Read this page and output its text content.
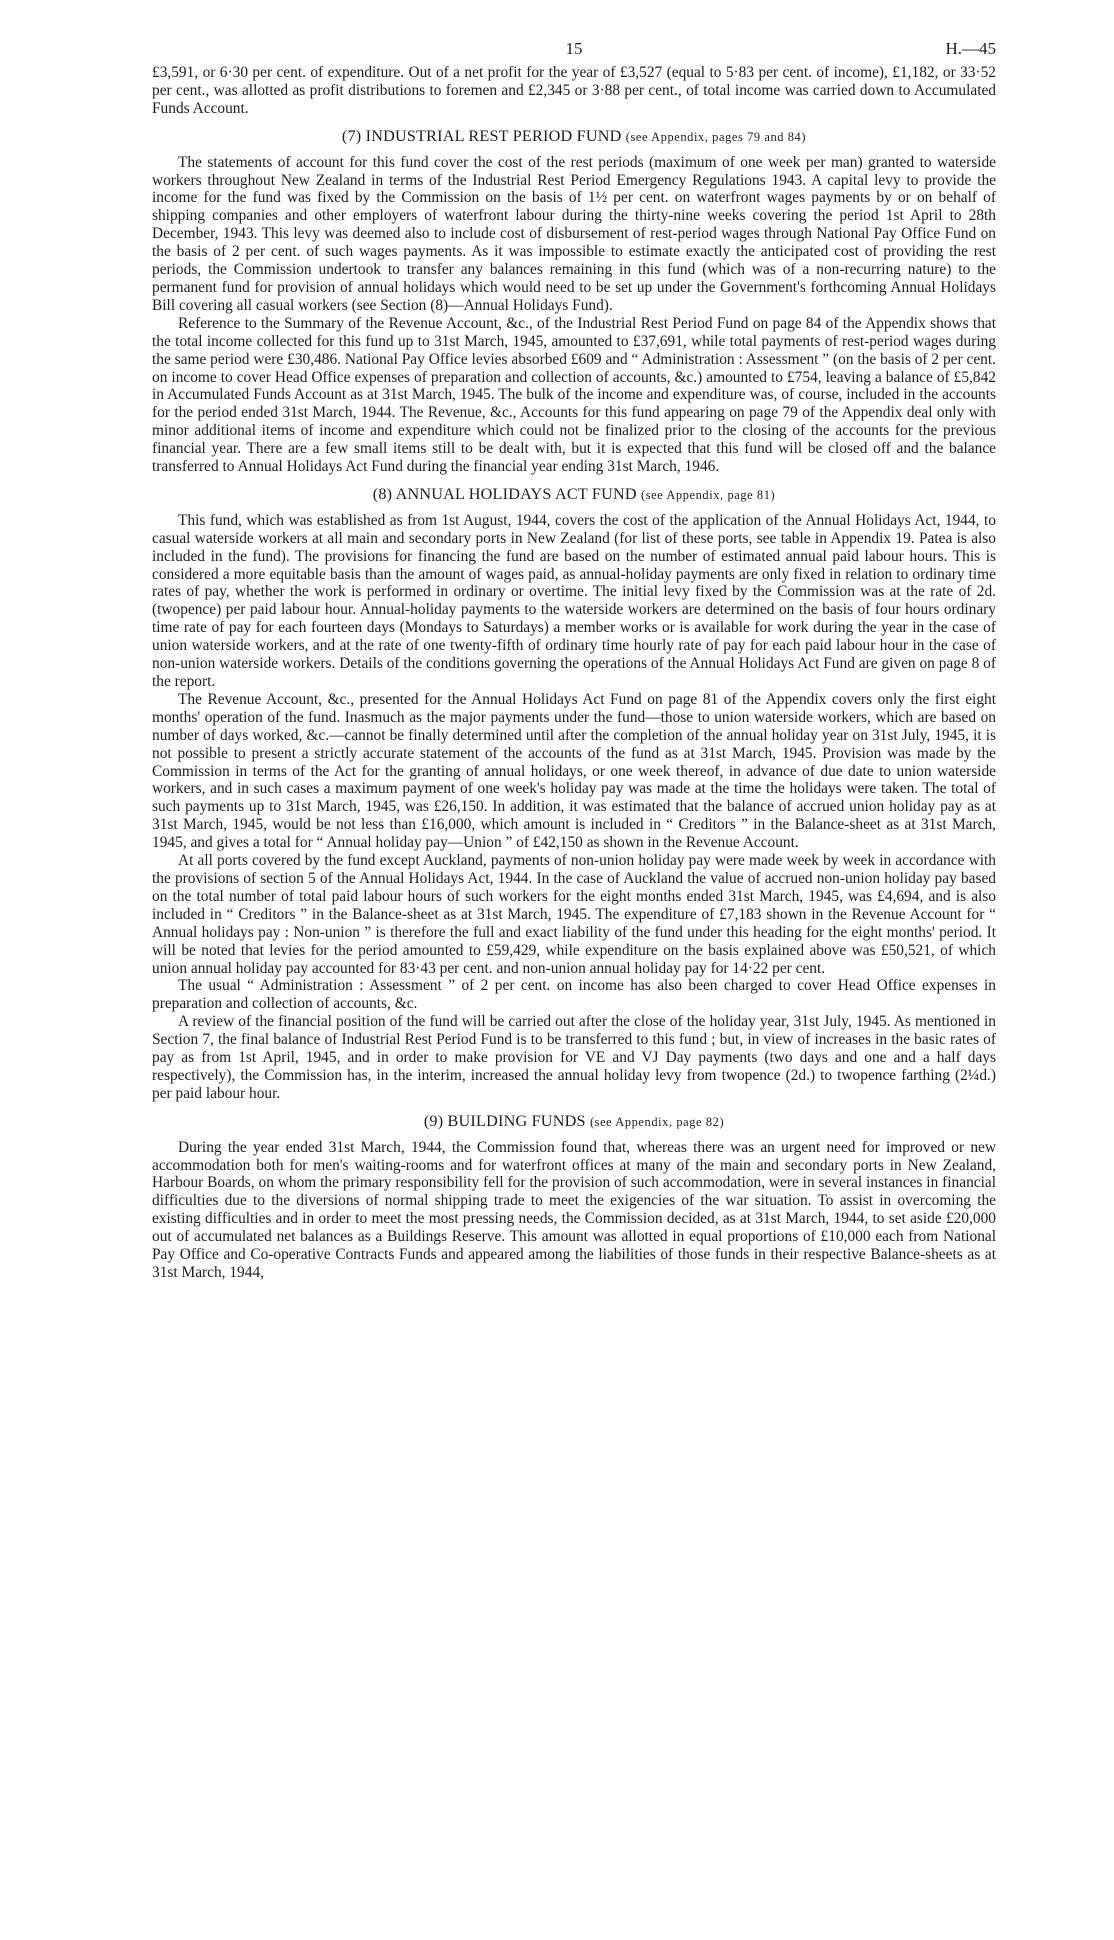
15	H.—45

£3,591, or 6·30 per cent. of expenditure. Out of a net profit for the year of £3,527 (equal to 5·83 per cent. of income), £1,182, or 33·52 per cent., was allotted as profit distributions to foremen and £2,345 or 3·88 per cent., of total income was carried down to Accumulated Funds Account.

(7) INDUSTRIAL REST PERIOD FUND (see Appendix, pages 79 and 84)

The statements of account for this fund cover the cost of the rest periods (maximum of one week per man) granted to waterside workers throughout New Zealand in terms of the Industrial Rest Period Emergency Regulations 1943. A capital levy to provide the income for the fund was fixed by the Commission on the basis of 1½ per cent. on waterfront wages payments by or on behalf of shipping companies and other employers of waterfront labour during the thirty-nine weeks covering the period 1st April to 28th December, 1943. This levy was deemed also to include cost of disbursement of rest-period wages through National Pay Office Fund on the basis of 2 per cent. of such wages payments. As it was impossible to estimate exactly the anticipated cost of providing the rest periods, the Commission undertook to transfer any balances remaining in this fund (which was of a non-recurring nature) to the permanent fund for provision of annual holidays which would need to be set up under the Government's forthcoming Annual Holidays Bill covering all casual workers (see Section (8)—Annual Holidays Fund).

Reference to the Summary of the Revenue Account, &c., of the Industrial Rest Period Fund on page 84 of the Appendix shows that the total income collected for this fund up to 31st March, 1945, amounted to £37,691, while total payments of rest-period wages during the same period were £30,486. National Pay Office levies absorbed £609 and “ Administration : Assessment ” (on the basis of 2 per cent. on income to cover Head Office expenses of preparation and collection of accounts, &c.) amounted to £754, leaving a balance of £5,842 in Accumulated Funds Account as at 31st March, 1945. The bulk of the income and expenditure was, of course, included in the accounts for the period ended 31st March, 1944. The Revenue, &c., Accounts for this fund appearing on page 79 of the Appendix deal only with minor additional items of income and expenditure which could not be finalized prior to the closing of the accounts for the previous financial year. There are a few small items still to be dealt with, but it is expected that this fund will be closed off and the balance transferred to Annual Holidays Act Fund during the financial year ending 31st March, 1946.

(8) ANNUAL HOLIDAYS ACT FUND (see Appendix, page 81)

This fund, which was established as from 1st August, 1944, covers the cost of the application of the Annual Holidays Act, 1944, to casual waterside workers at all main and secondary ports in New Zealand (for list of these ports, see table in Appendix 19. Patea is also included in the fund). The provisions for financing the fund are based on the number of estimated annual paid labour hours. This is considered a more equitable basis than the amount of wages paid, as annual-holiday payments are only fixed in relation to ordinary time rates of pay, whether the work is performed in ordinary or overtime. The initial levy fixed by the Commission was at the rate of 2d. (twopence) per paid labour hour. Annual-holiday payments to the waterside workers are determined on the basis of four hours ordinary time rate of pay for each fourteen days (Mondays to Saturdays) a member works or is available for work during the year in the case of union waterside workers, and at the rate of one twenty-fifth of ordinary time hourly rate of pay for each paid labour hour in the case of non-union waterside workers. Details of the conditions governing the operations of the Annual Holidays Act Fund are given on page 8 of the report.

The Revenue Account, &c., presented for the Annual Holidays Act Fund on page 81 of the Appendix covers only the first eight months' operation of the fund. Inasmuch as the major payments under the fund—those to union waterside workers, which are based on number of days worked, &c.—cannot be finally determined until after the completion of the annual holiday year on 31st July, 1945, it is not possible to present a strictly accurate statement of the accounts of the fund as at 31st March, 1945. Provision was made by the Commission in terms of the Act for the granting of annual holidays, or one week thereof, in advance of due date to union waterside workers, and in such cases a maximum payment of one week's holiday pay was made at the time the holidays were taken. The total of such payments up to 31st March, 1945, was £26,150. In addition, it was estimated that the balance of accrued union holiday pay as at 31st March, 1945, would be not less than £16,000, which amount is included in “ Creditors ” in the Balance-sheet as at 31st March, 1945, and gives a total for “ Annual holiday pay—Union ” of £42,150 as shown in the Revenue Account.

At all ports covered by the fund except Auckland, payments of non-union holiday pay were made week by week in accordance with the provisions of section 5 of the Annual Holidays Act, 1944. In the case of Auckland the value of accrued non-union holiday pay based on the total number of total paid labour hours of such workers for the eight months ended 31st March, 1945, was £4,694, and is also included in “ Creditors ” in the Balance-sheet as at 31st March, 1945. The expenditure of £7,183 shown in the Revenue Account for “ Annual holidays pay : Non-union ” is therefore the full and exact liability of the fund under this heading for the eight months' period. It will be noted that levies for the period amounted to £59,429, while expenditure on the basis explained above was £50,521, of which union annual holiday pay accounted for 83·43 per cent. and non-union annual holiday pay for 14·22 per cent.

The usual “ Administration : Assessment ” of 2 per cent. on income has also been charged to cover Head Office expenses in preparation and collection of accounts, &c.

A review of the financial position of the fund will be carried out after the close of the holiday year, 31st July, 1945. As mentioned in Section 7, the final balance of Industrial Rest Period Fund is to be transferred to this fund ; but, in view of increases in the basic rates of pay as from 1st April, 1945, and in order to make provision for VE and VJ Day payments (two days and one and a half days respectively), the Commission has, in the interim, increased the annual holiday levy from twopence (2d.) to twopence farthing (2¼d.) per paid labour hour.

(9) BUILDING FUNDS (see Appendix, page 82)

During the year ended 31st March, 1944, the Commission found that, whereas there was an urgent need for improved or new accommodation both for men's waiting-rooms and for waterfront offices at many of the main and secondary ports in New Zealand, Harbour Boards, on whom the primary responsibility fell for the provision of such accommodation, were in several instances in financial difficulties due to the diversions of normal shipping trade to meet the exigencies of the war situation. To assist in overcoming the existing difficulties and in order to meet the most pressing needs, the Commission decided, as at 31st March, 1944, to set aside £20,000 out of accumulated net balances as a Buildings Reserve. This amount was allotted in equal proportions of £10,000 each from National Pay Office and Co-operative Contracts Funds and appeared among the liabilities of those funds in their respective Balance-sheets as at 31st March, 1944,
